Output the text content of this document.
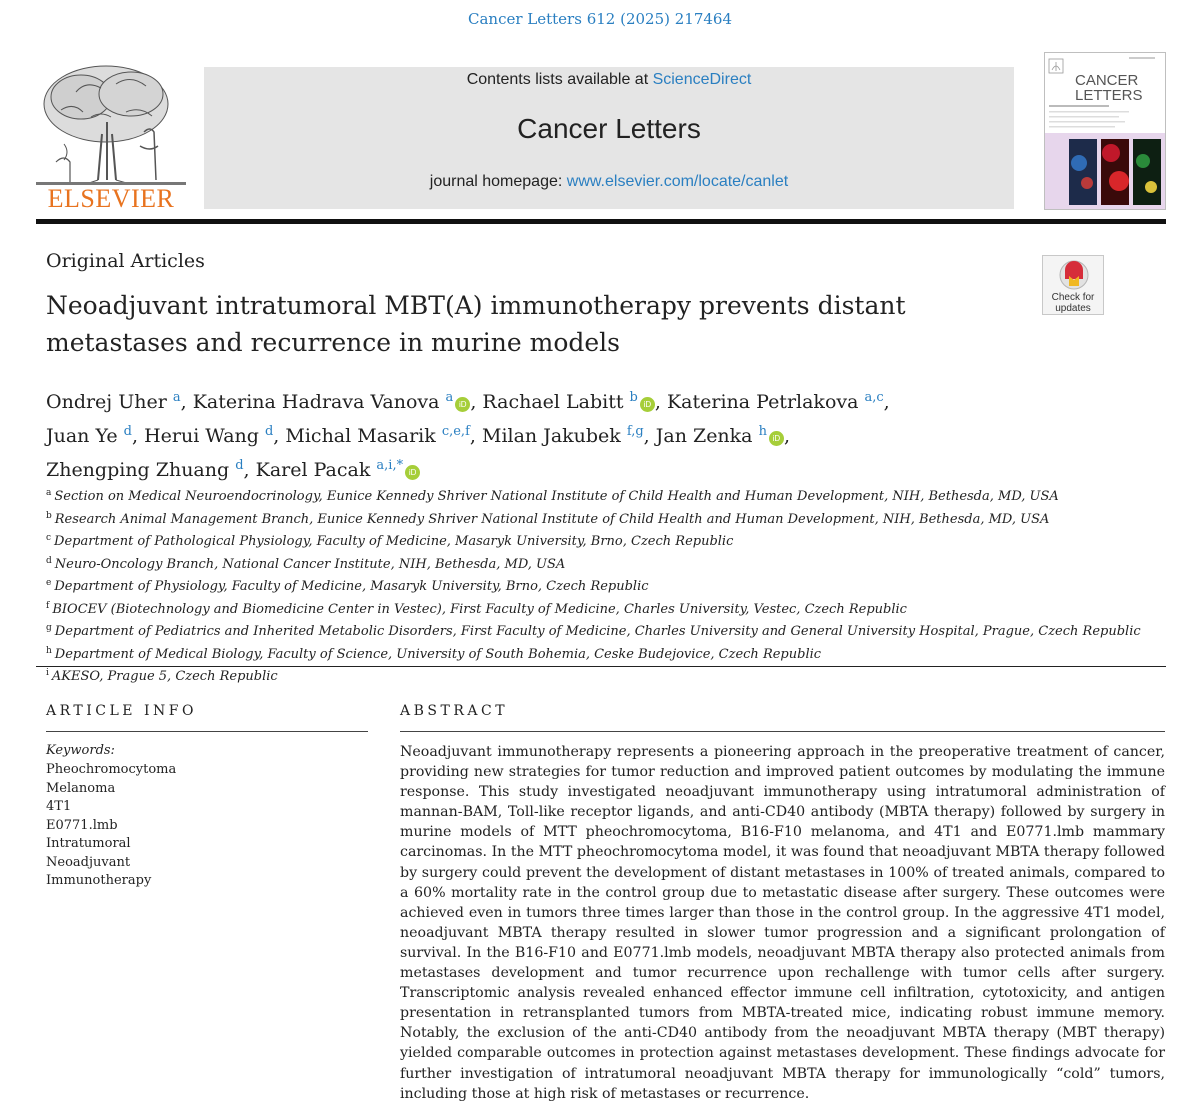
Cancer Letters 612 (2025) 217464
ELSEVIER
Contents lists available at ScienceDirect
Cancer Letters
journal homepage: www.elsevier.com/locate/canlet
CANCER
LETTERS
Original Articles
Neoadjuvant intratumoral MBT(A) immunotherapy prevents distant metastases and recurrence in murine models
Check for
updates
Ondrej Uher $^a$, Katerina Hadrava Vanova $^a$ iD , Rachael Labitt $^b$ iD , Katerina Petrlakova $^{a,c}$,
Juan Ye $^d$, Herui Wang $^d$, Michal Masarik $^{c,e,f}$, Milan Jakubek $^{f,g}$, Jan Zenka $^h$ iD ,
Zhengping Zhuang $^d$, Karel Pacak $^{a,i,*}$ iD
$^a$ Section on Medical Neuroendocrinology, Eunice Kennedy Shriver National Institute of Child Health and Human Development, NIH, Bethesda, MD, USA
$^b$ Research Animal Management Branch, Eunice Kennedy Shriver National Institute of Child Health and Human Development, NIH, Bethesda, MD, USA
$^c$ Department of Pathological Physiology, Faculty of Medicine, Masaryk University, Brno, Czech Republic
$^d$ Neuro-Oncology Branch, National Cancer Institute, NIH, Bethesda, MD, USA
$^e$ Department of Physiology, Faculty of Medicine, Masaryk University, Brno, Czech Republic
$^f$ BIOCEV (Biotechnology and Biomedicine Center in Vestec), First Faculty of Medicine, Charles University, Vestec, Czech Republic
$^g$ Department of Pediatrics and Inherited Metabolic Disorders, First Faculty of Medicine, Charles University and General University Hospital, Prague, Czech Republic
$^h$ Department of Medical Biology, Faculty of Science, University of South Bohemia, Ceske Budejovice, Czech Republic
$^i$ AKESO, Prague 5, Czech Republic
ARTICLE INFO
Keywords:
Pheochromocytoma
Melanoma
4T1
E0771.lmb
Intratumoral
Neoadjuvant
Immunotherapy
ABSTRACT
Neoadjuvant immunotherapy represents a pioneering approach in the preoperative treatment of cancer, providing new strategies for tumor reduction and improved patient outcomes by modulating the immune response. This study investigated neoadjuvant immunotherapy using intratumoral administration of mannan-BAM, Toll-like receptor ligands, and anti-CD40 antibody (MBTA therapy) followed by surgery in murine models of MTT pheochromocytoma, B16-F10 melanoma, and 4T1 and E0771.lmb mammary carcinomas. In the MTT pheochromocytoma model, it was found that neoadjuvant MBTA therapy followed by surgery could prevent the development of distant metastases in 100% of treated animals, compared to a 60% mortality rate in the control group due to metastatic disease after surgery. These outcomes were achieved even in tumors three times larger than those in the control group. In the aggressive 4T1 model, neoadjuvant MBTA therapy resulted in slower tumor progression and a significant prolongation of survival. In the B16-F10 and E0771.lmb models, neoadjuvant MBTA therapy also protected animals from metastases development and tumor recurrence upon rechallenge with tumor cells after surgery. Transcriptomic analysis revealed enhanced effector immune cell infiltration, cytotoxicity, and antigen presentation in retransplanted tumors from MBTA-treated mice, indicating robust immune memory. Notably, the exclusion of the anti-CD40 antibody from the neoadjuvant MBTA therapy (MBT therapy) yielded comparable outcomes in protection against metastases development. These findings advocate for further investigation of intratumoral neoadjuvant MBTA therapy for immunologically “cold” tumors, including those at high risk of metastases or recurrence.
